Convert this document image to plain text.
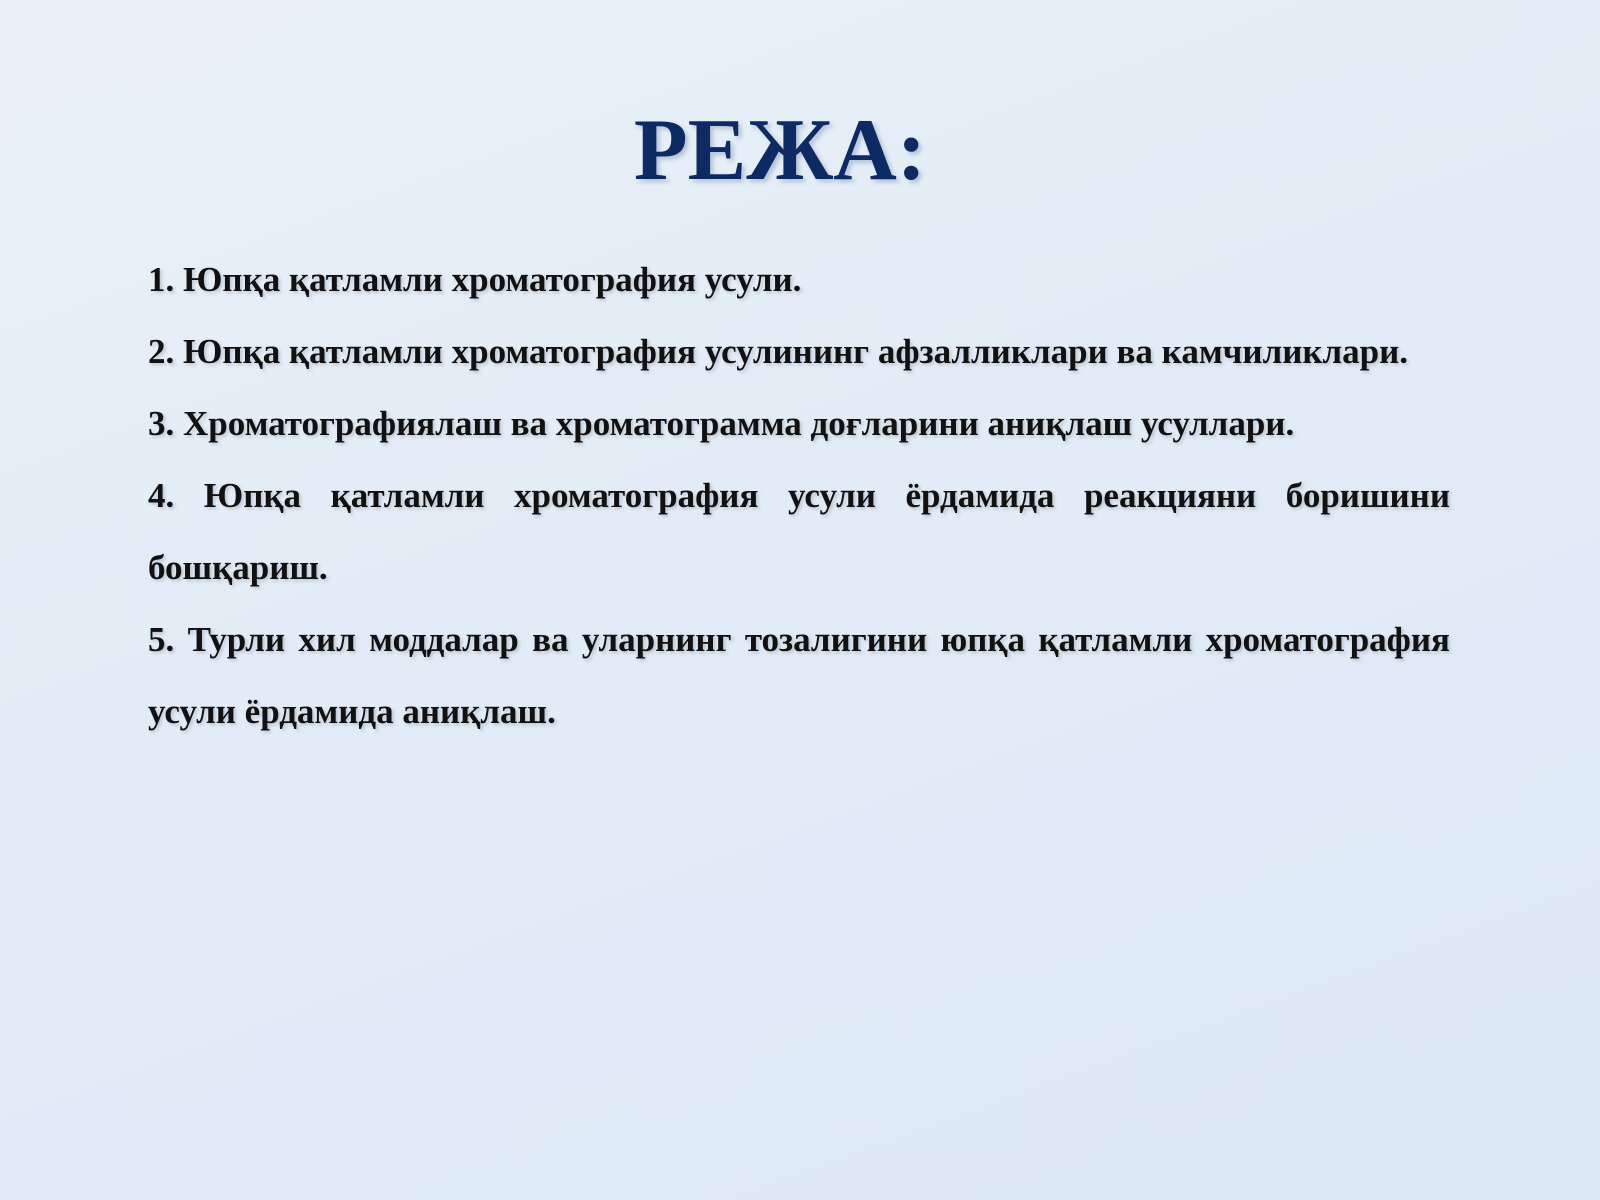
РЕЖА:
1. Юпқа қатламли хроматография усули.
2. Юпқа қатламли хроматография усулининг афзалликлари ва камчиликлари.
3. Хроматографиялаш ва хроматограмма доғларини аниқлаш усуллари.
4. Юпқа қатламли хроматография усули ёрдамида реакцияни боришини бошқариш.
5. Турли хил моддалар ва уларнинг тозалигини юпқа қатламли хроматография усули ёрдамида аниқлаш.
